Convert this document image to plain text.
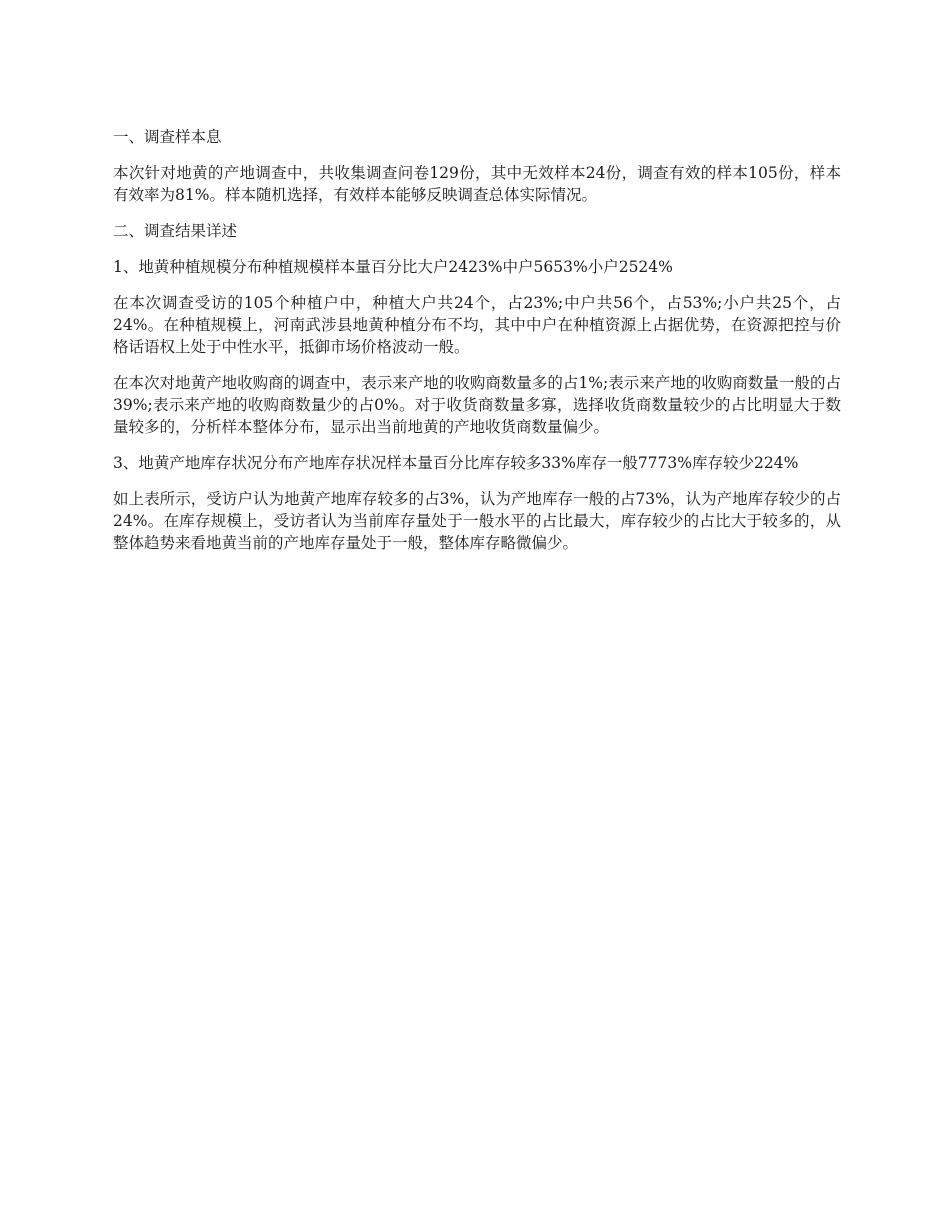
一、调查样本息

本次针对地黄的产地调查中，共收集调查问卷129份，其中无效样本24份，调查有效的样本105份，样本有效率为81%。样本随机选择，有效样本能够反映调查总体实际情况。

二、调查结果详述

1、地黄种植规模分布种植规模样本量百分比大户2423%中户5653%小户2524%

在本次调查受访的105个种植户中，种植大户共24个，占23%;中户共56个，占53%;小户共25个，占24%。在种植规模上，河南武涉县地黄种植分布不均，其中中户在种植资源上占据优势，在资源把控与价格话语权上处于中性水平，抵御市场价格波动一般。

在本次对地黄产地收购商的调查中，表示来产地的收购商数量多的占1%;表示来产地的收购商数量一般的占39%;表示来产地的收购商数量少的占0%。对于收货商数量多寡，选择收货商数量较少的占比明显大于数量较多的，分析样本整体分布，显示出当前地黄的产地收货商数量偏少。

3、地黄产地库存状况分布产地库存状况样本量百分比库存较多33%库存一般7773%库存较少224%

如上表所示，受访户认为地黄产地库存较多的占3%，认为产地库存一般的占73%，认为产地库存较少的占24%。在库存规模上，受访者认为当前库存量处于一般水平的占比最大，库存较少的占比大于较多的，从整体趋势来看地黄当前的产地库存量处于一般，整体库存略微偏少。
